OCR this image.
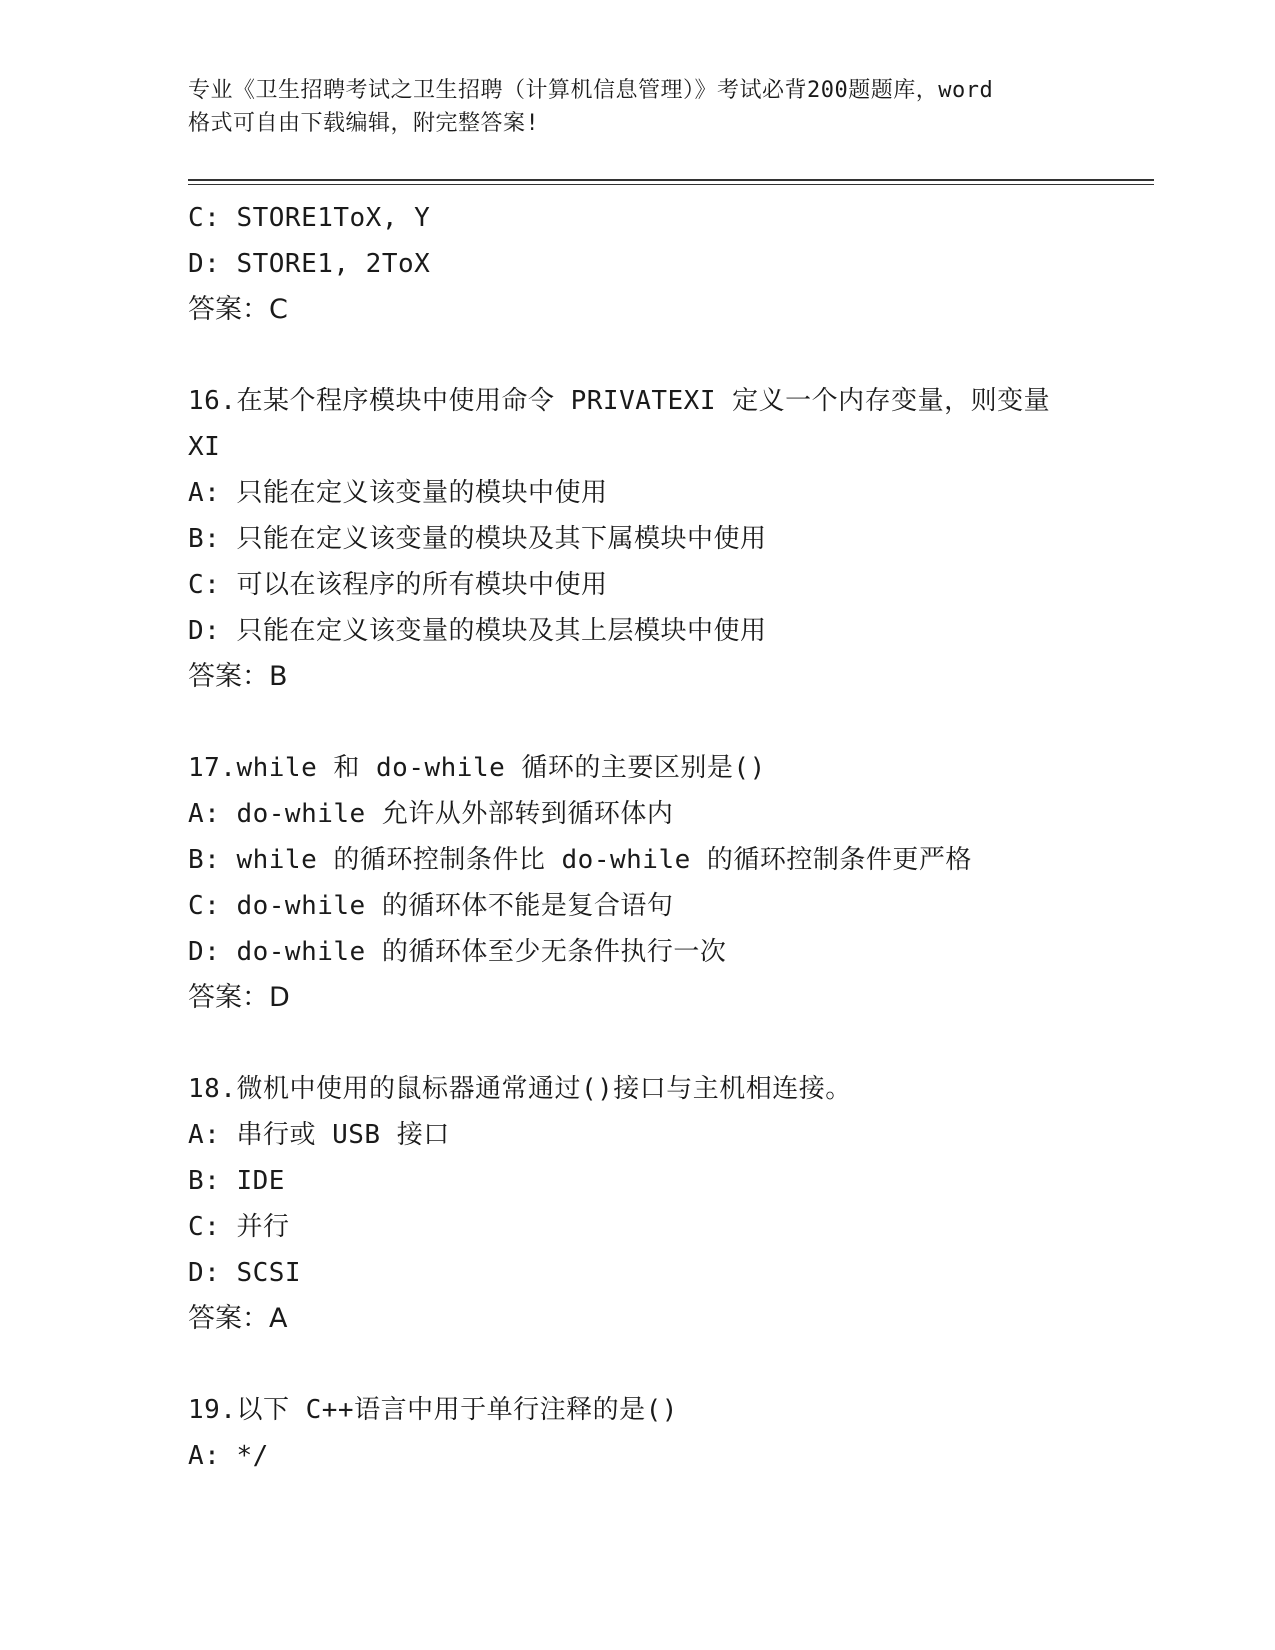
专业《卫生招聘考试之卫生招聘（计算机信息管理）》考试必背200题题库，word
格式可自由下载编辑，附完整答案!
C: STORE1ToX, Y
D: STORE1, 2ToX
答案：C
16.在某个程序模块中使用命令 PRIVATEXI 定义一个内存变量，则变量
XI
A: 只能在定义该变量的模块中使用
B: 只能在定义该变量的模块及其下属模块中使用
C: 可以在该程序的所有模块中使用
D: 只能在定义该变量的模块及其上层模块中使用
答案：B
17.while 和 do-while 循环的主要区别是()
A: do-while 允许从外部转到循环体内
B: while 的循环控制条件比 do-while 的循环控制条件更严格
C: do-while 的循环体不能是复合语句
D: do-while 的循环体至少无条件执行一次
答案：D
18.微机中使用的鼠标器通常通过()接口与主机相连接。
A: 串行或 USB 接口
B: IDE
C: 并行
D: SCSI
答案：A
19.以下 C++语言中用于单行注释的是()
A: */
